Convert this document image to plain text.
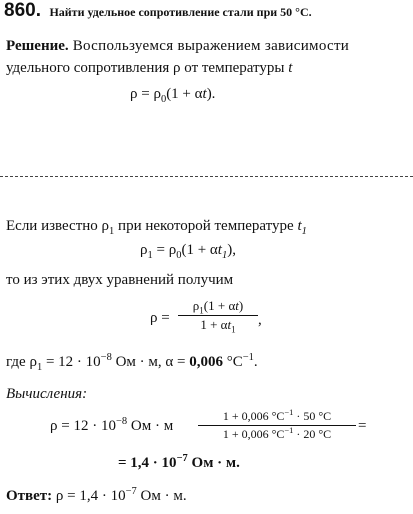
860. Найти удельное сопротивление стали при 50 °С.
Решение. Воспользуемся выражением зависимости
удельного сопротивления ρ от температуры t
$\rho = \rho_0(1 + \alpha t)$.
Если известно $\rho_1$ при некоторой температуре $t_1$
$\rho_1 = \rho_0(1 + \alpha t_1)$,
то из этих двух уравнений получим
ρ =
$\rho_1(1 + \alpha t)$
$1 + \alpha t_1$
,
где $\rho_1 = 12 \cdot 10^{-8}$ Ом · м, α = 0,006 $^\circ С^{-1}$.
Вычисления:
$\rho = 12 \cdot 10^{-8}$ Ом · м
1 + 0,006 $^\circ С^{-1} \cdot 50$ °С
1 + 0,006 $^\circ С^{-1} \cdot 20$ °С	=
= $1,4 \cdot 10^{-7}$ Ом · м.
Ответ: $\rho = 1,4 \cdot 10^{-7}$ Ом · м.
